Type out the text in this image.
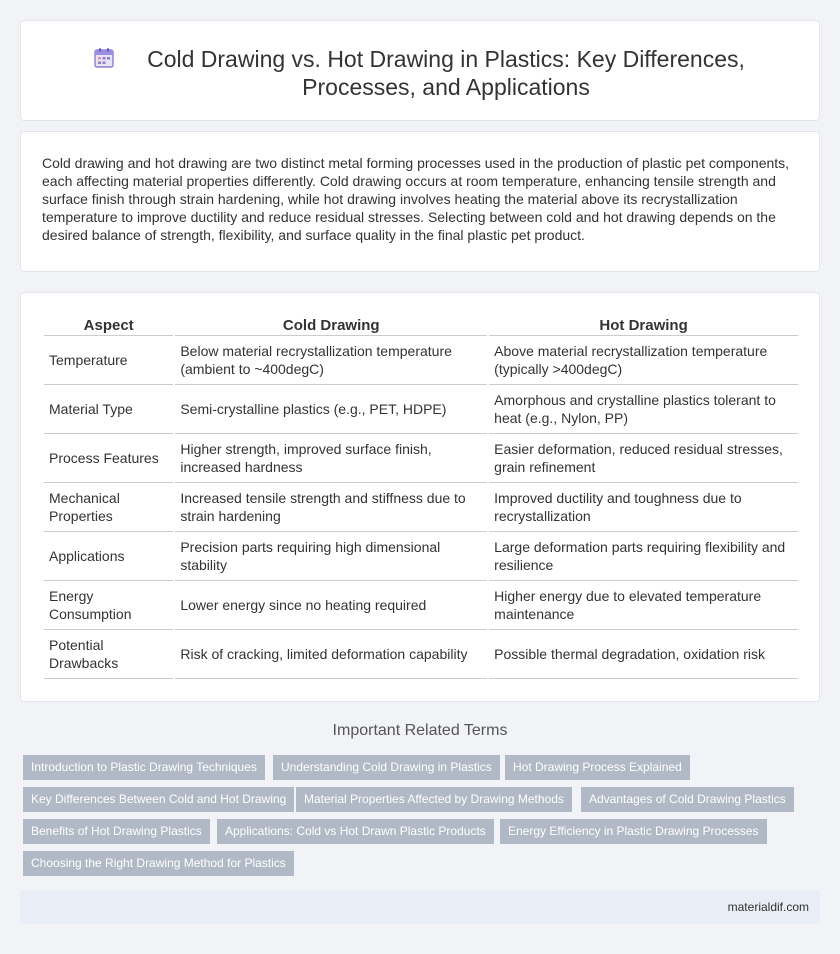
Cold Drawing vs. Hot Drawing in Plastics: Key Differences, Processes, and Applications

Cold drawing and hot drawing are two distinct metal forming processes used in the production of plastic pet components, each affecting material properties differently. Cold drawing occurs at room temperature, enhancing tensile strength and surface finish through strain hardening, while hot drawing involves heating the material above its recrystallization temperature to improve ductility and reduce residual stresses. Selecting between cold and hot drawing depends on the desired balance of strength, flexibility, and surface quality in the final plastic pet product.

Aspect	Cold Drawing	Hot Drawing
Temperature	Below material recrystallization temperature (ambient to ~400degC)	Above material recrystallization temperature (typically >400degC)
Material Type	Semi-crystalline plastics (e.g., PET, HDPE)	Amorphous and crystalline plastics tolerant to heat (e.g., Nylon, PP)
Process Features	Higher strength, improved surface finish, increased hardness	Easier deformation, reduced residual stresses, grain refinement
Mechanical Properties	Increased tensile strength and stiffness due to strain hardening	Improved ductility and toughness due to recrystallization
Applications	Precision parts requiring high dimensional stability	Large deformation parts requiring flexibility and resilience
Energy Consumption	Lower energy since no heating required	Higher energy due to elevated temperature maintenance
Potential Drawbacks	Risk of cracking, limited deformation capability	Possible thermal degradation, oxidation risk
Important Related Terms
Introduction to Plastic Drawing Techniques	Understanding Cold Drawing in Plastics	Hot Drawing Process Explained
Key Differences Between Cold and Hot Drawing	Material Properties Affected by Drawing Methods	Advantages of Cold Drawing Plastics
Benefits of Hot Drawing Plastics	Applications: Cold vs Hot Drawn Plastic Products	Energy Efficiency in Plastic Drawing Processes
Choosing the Right Drawing Method for Plastics
materialdif.com
